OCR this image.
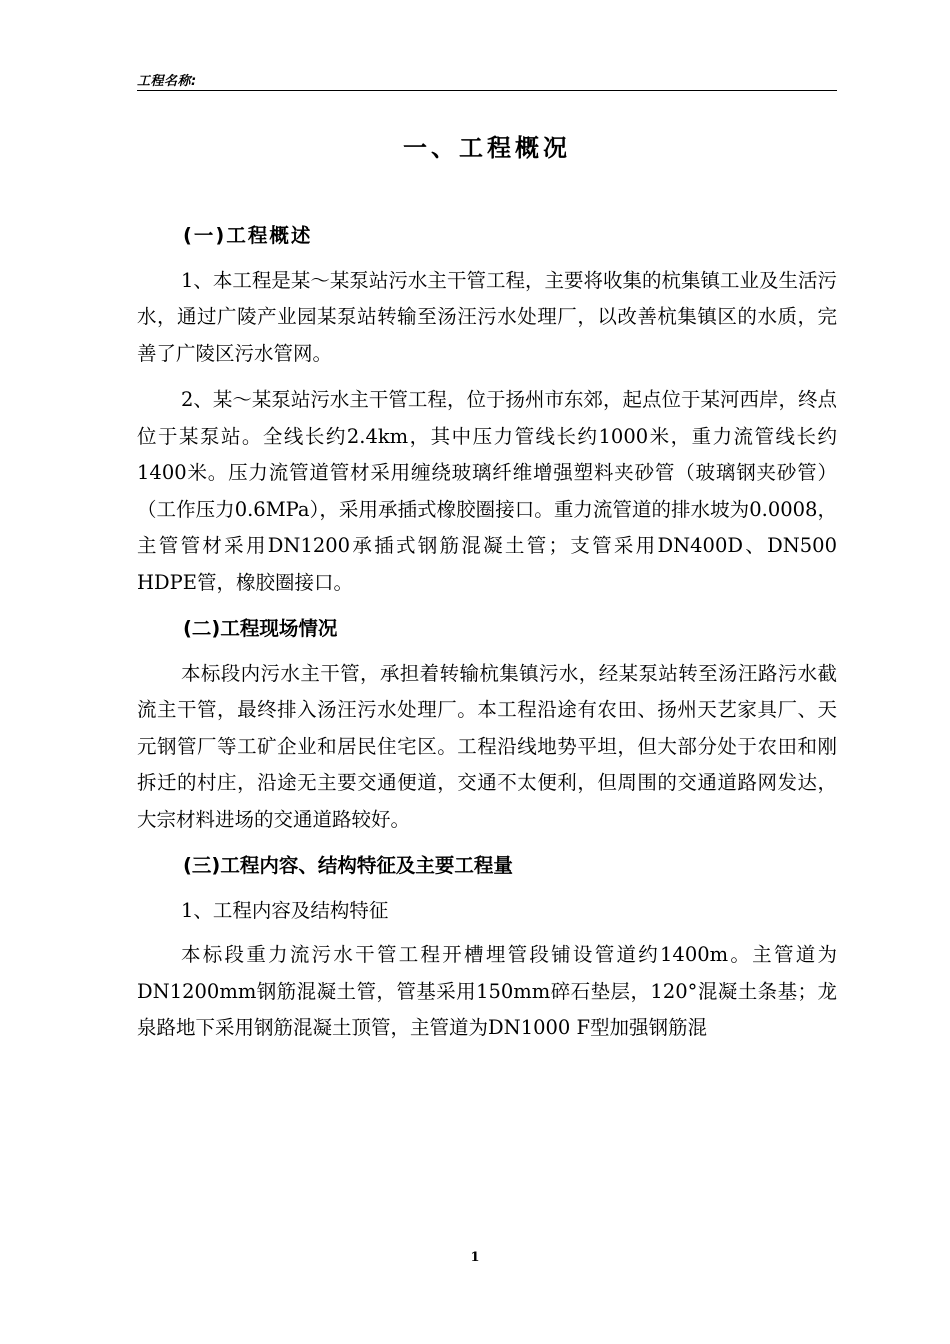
工程名称:
一、工程概况
(一)工程概述

1、本工程是某～某泵站污水主干管工程，主要将收集的杭集镇工业及生活污水，通过广陵产业园某泵站转输至汤汪污水处理厂，以改善杭集镇区的水质，完善了广陵区污水管网。

2、某～某泵站污水主干管工程，位于扬州市东郊，起点位于某河西岸，终点位于某泵站。全线长约2.4km，其中压力管线长约1000米，重力流管线长约1400米。压力流管道管材采用缠绕玻璃纤维增强塑料夹砂管（玻璃钢夹砂管）（工作压力0.6MPa），采用承插式橡胶圈接口。重力流管道的排水坡为0.0008，主管管材采用DN1200承插式钢筋混凝土管；支管采用DN400D、DN500 HDPE管，橡胶圈接口。

(二)工程现场情况

本标段内污水主干管，承担着转输杭集镇污水，经某泵站转至汤汪路污水截流主干管，最终排入汤汪污水处理厂。本工程沿途有农田、扬州天艺家具厂、天元钢管厂等工矿企业和居民住宅区。工程沿线地势平坦，但大部分处于农田和刚拆迁的村庄，沿途无主要交通便道，交通不太便利，但周围的交通道路网发达，大宗材料进场的交通道路较好。

(三)工程内容、结构特征及主要工程量

1、工程内容及结构特征

本标段重力流污水干管工程开槽埋管段铺设管道约1400m。主管道为DN1200mm钢筋混凝土管，管基采用150mm碎石垫层，120°混凝土条基；龙泉路地下采用钢筋混凝土顶管，主管道为DN1000 F型加强钢筋混

1
